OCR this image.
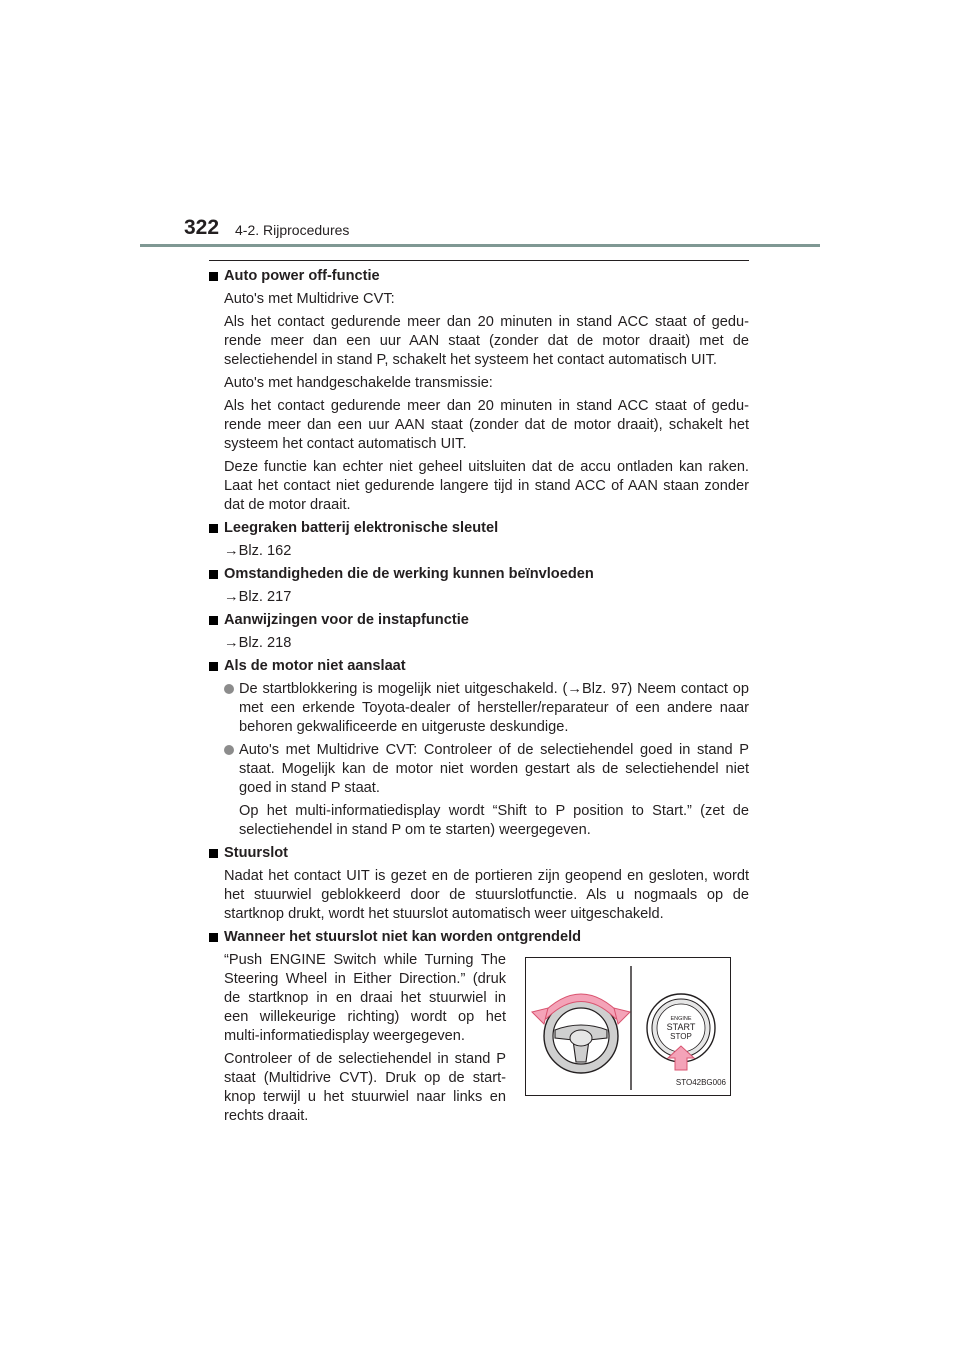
322 4-2. Rijprocedures
Auto power off-functie
Auto's met Multidrive CVT:
Als het contact gedurende meer dan 20 minuten in stand ACC staat of gedu-rende meer dan een uur AAN staat (zonder dat de motor draait) met de selectiehendel in stand P, schakelt het systeem het contact automatisch UIT.
Auto's met handgeschakelde transmissie:
Als het contact gedurende meer dan 20 minuten in stand ACC staat of gedu-rende meer dan een uur AAN staat (zonder dat de motor draait), schakelt het systeem het contact automatisch UIT.
Deze functie kan echter niet geheel uitsluiten dat de accu ontladen kan raken. Laat het contact niet gedurende langere tijd in stand ACC of AAN staan zonder dat de motor draait.
Leegraken batterij elektronische sleutel
→Blz. 162
Omstandigheden die de werking kunnen beïnvloeden
→Blz. 217
Aanwijzingen voor de instapfunctie
→Blz. 218
Als de motor niet aanslaat
De startblokkering is mogelijk niet uitgeschakeld. (→Blz. 97) Neem contact op met een erkende Toyota-dealer of hersteller/reparateur of een andere naar behoren gekwalificeerde en uitgeruste deskundige.
Auto's met Multidrive CVT: Controleer of de selectiehendel goed in stand P staat. Mogelijk kan de motor niet worden gestart als de selectiehendel niet goed in stand P staat.
Op het multi-informatiedisplay wordt “Shift to P position to Start.” (zet de selectiehendel in stand P om te starten) weergegeven.
Stuurslot
Nadat het contact UIT is gezet en de portieren zijn geopend en gesloten, wordt het stuurwiel geblokkeerd door de stuurslotfunctie. Als u nogmaals op de startknop drukt, wordt het stuurslot automatisch weer uitgeschakeld.
Wanneer het stuurslot niet kan worden ontgrendeld
“Push ENGINE Switch while Turning The Steering Wheel in Either Direction.” (druk de startknop in en draai het stuurwiel in een willekeurige richting) wordt op het multi-informatiedisplay weergegeven.
Controleer of de selectiehendel in stand P staat (Multidrive CVT). Druk op de start-knop terwijl u het stuurwiel naar links en rechts draait.
ENGINE
START
STOP
STO42BG006
